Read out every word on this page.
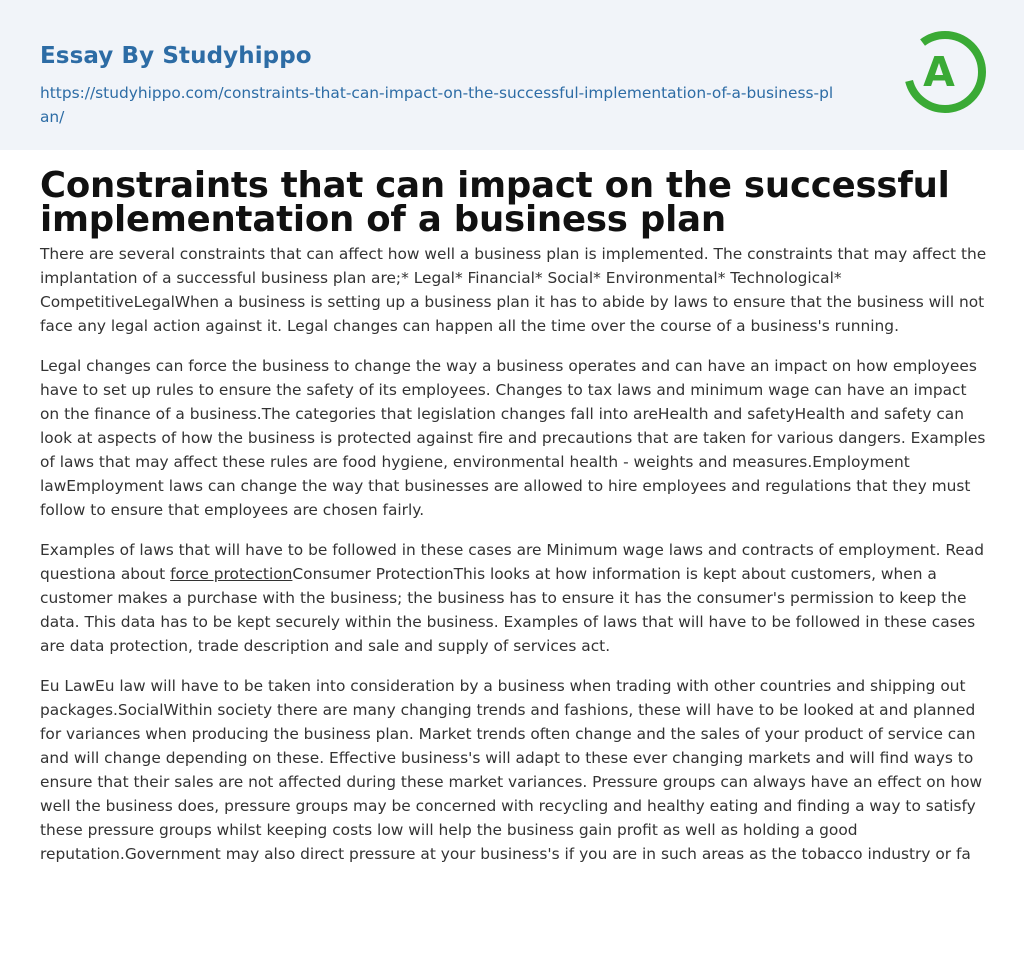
Essay By Studyhippo
https://studyhippo.com/constraints-that-can-impact-on-the-successful-implementation-of-a-business-plan/
A
Constraints that can impact on the successful implementation of a business plan

There are several constraints that can affect how well a business plan is implemented. The constraints that may affect the implantation of a successful business plan are;* Legal* Financial* Social* Environmental* Technological* CompetitiveLegalWhen a business is setting up a business plan it has to abide by laws to ensure that the business will not face any legal action against it. Legal changes can happen all the time over the course of a business's running.

Legal changes can force the business to change the way a business operates and can have an impact on how employees have to set up rules to ensure the safety of its employees. Changes to tax laws and minimum wage can have an impact on the finance of a business.The categories that legislation changes fall into areHealth and safetyHealth and safety can look at aspects of how the business is protected against fire and precautions that are taken for various dangers. Examples of laws that may affect these rules are food hygiene, environmental health - weights and measures.Employment lawEmployment laws can change the way that businesses are allowed to hire employees and regulations that they must follow to ensure that employees are chosen fairly.

Examples of laws that will have to be followed in these cases are Minimum wage laws and contracts of employment. Read questiona about force protectionConsumer ProtectionThis looks at how information is kept about customers, when a customer makes a purchase with the business; the business has to ensure it has the consumer's permission to keep the data. This data has to be kept securely within the business. Examples of laws that will have to be followed in these cases are data protection, trade description and sale and supply of services act.

Eu LawEu law will have to be taken into consideration by a business when trading with other countries and shipping out packages.SocialWithin society there are many changing trends and fashions, these will have to be looked at and planned for variances when producing the business plan. Market trends often change and the sales of your product of service can and will change depending on these. Effective business's will adapt to these ever changing markets and will find ways to ensure that their sales are not affected during these market variances. Pressure groups can always have an effect on how well the business does, pressure groups may be concerned with recycling and healthy eating and finding a way to satisfy these pressure groups whilst keeping costs low will help the business gain profit as well as holding a good reputation.Government may also direct pressure at your business's if you are in such areas as the tobacco industry or fa
